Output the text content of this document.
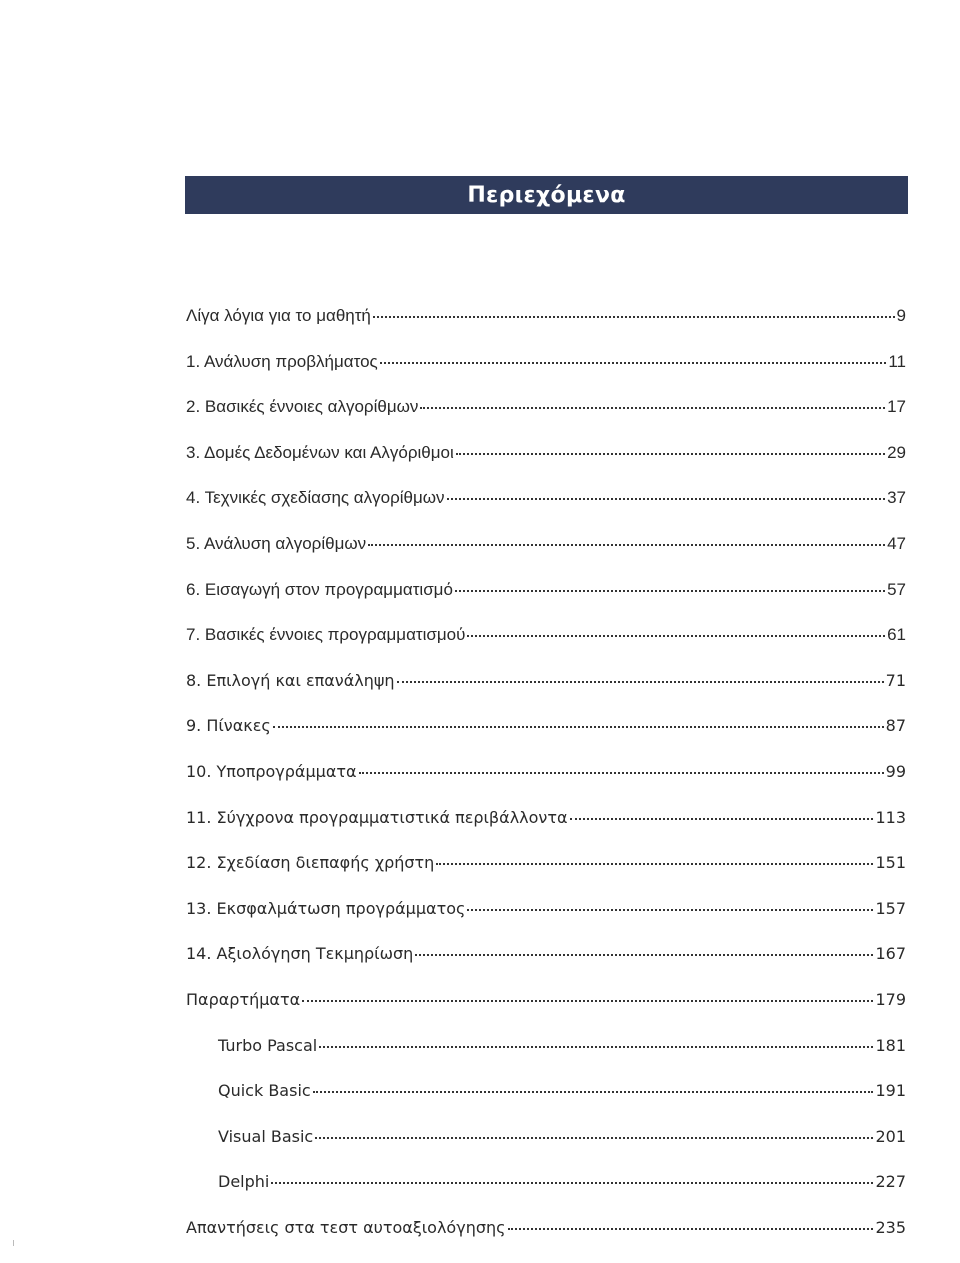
Περιεχόμενα
Λίγα λόγια για το μαθητή	9
1. Ανάλυση προβλήματος	11
2. Βασικές έννοιες αλγορίθμων	17
3. Δομές Δεδομένων και Αλγόριθμοι	29
4. Τεχνικές σχεδίασης αλγορίθμων	37
5. Ανάλυση αλγορίθμων	47
6. Εισαγωγή στον προγραμματισμό	57
7. Βασικές έννοιες προγραμματισμού	61
8. Επιλογή και επανάληψη	71
9. Πίνακες	87
10. Υποπρογράμματα	99
11. Σύγχρονα προγραμματιστικά περιβάλλοντα	113
12. Σχεδίαση διεπαφής χρήστη	151
13. Εκσφαλμάτωση προγράμματος	157
14. Αξιολόγηση Τεκμηρίωση	167
Παραρτήματα	179
Turbo Pascal	181
Quick Basic	191
Visual Basic	201
Delphi	227
Απαντήσεις στα τεστ αυτοαξιολόγησης	235
